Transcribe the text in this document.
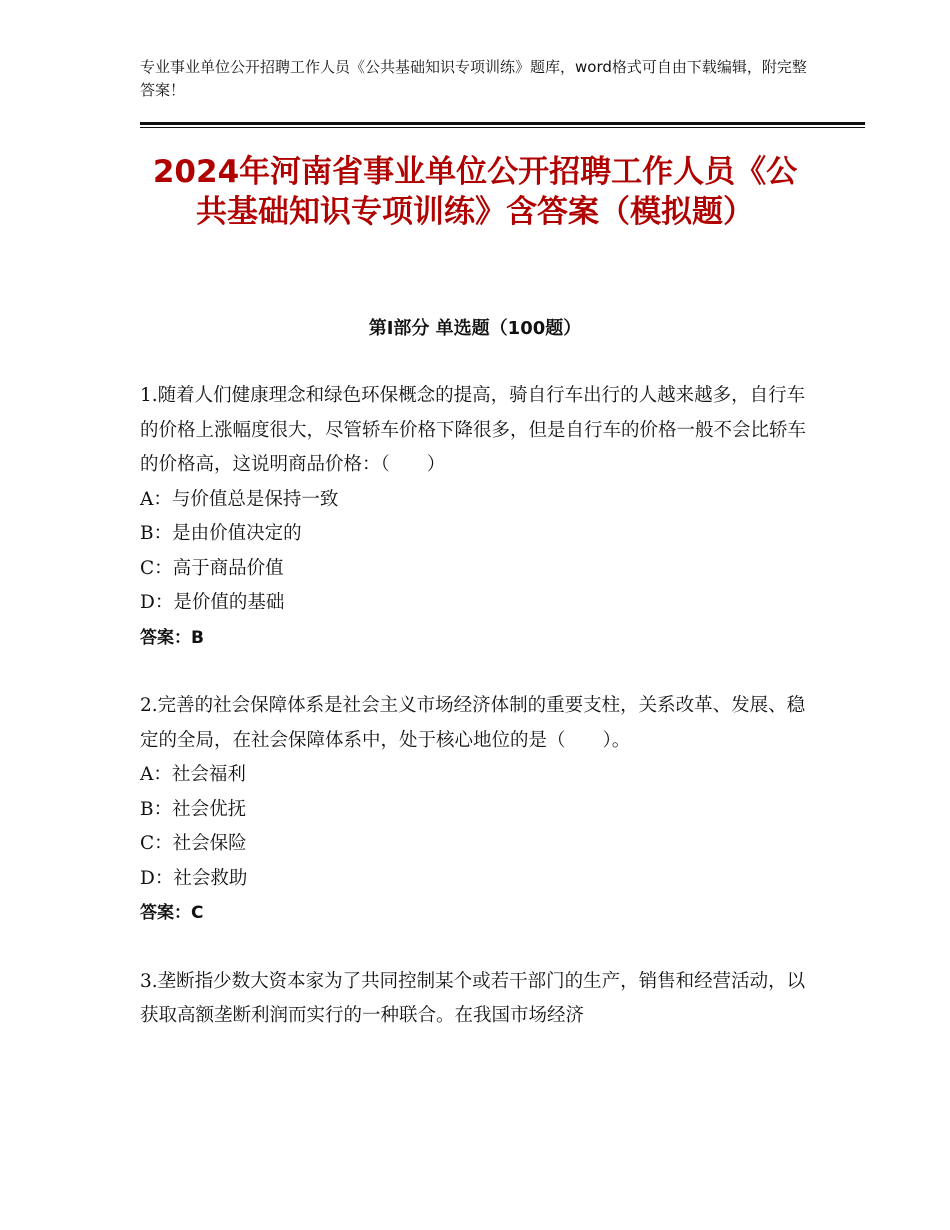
专业事业单位公开招聘工作人员《公共基础知识专项训练》题库，word格式可自由下载编辑，附完整答案！
2024年河南省事业单位公开招聘工作人员《公共基础知识专项训练》含答案（模拟题）
第Ⅰ部分 单选题（100题）

1.随着人们健康理念和绿色环保概念的提高，骑自行车出行的人越来越多，自行车的价格上涨幅度很大，尽管轿车价格下降很多，但是自行车的价格一般不会比轿车的价格高，这说明商品价格：（　　）

A：与价值总是保持一致

B：是由价值决定的

C：高于商品价值

D：是价值的基础

答案：B

2.完善的社会保障体系是社会主义市场经济体制的重要支柱，关系改革、发展、稳定的全局，在社会保障体系中，处于核心地位的是（　　）。

A：社会福利

B：社会优抚

C：社会保险

D：社会救助

答案：C

3.垄断指少数大资本家为了共同控制某个或若干部门的生产，销售和经营活动，以获取高额垄断利润而实行的一种联合。在我国市场经济
